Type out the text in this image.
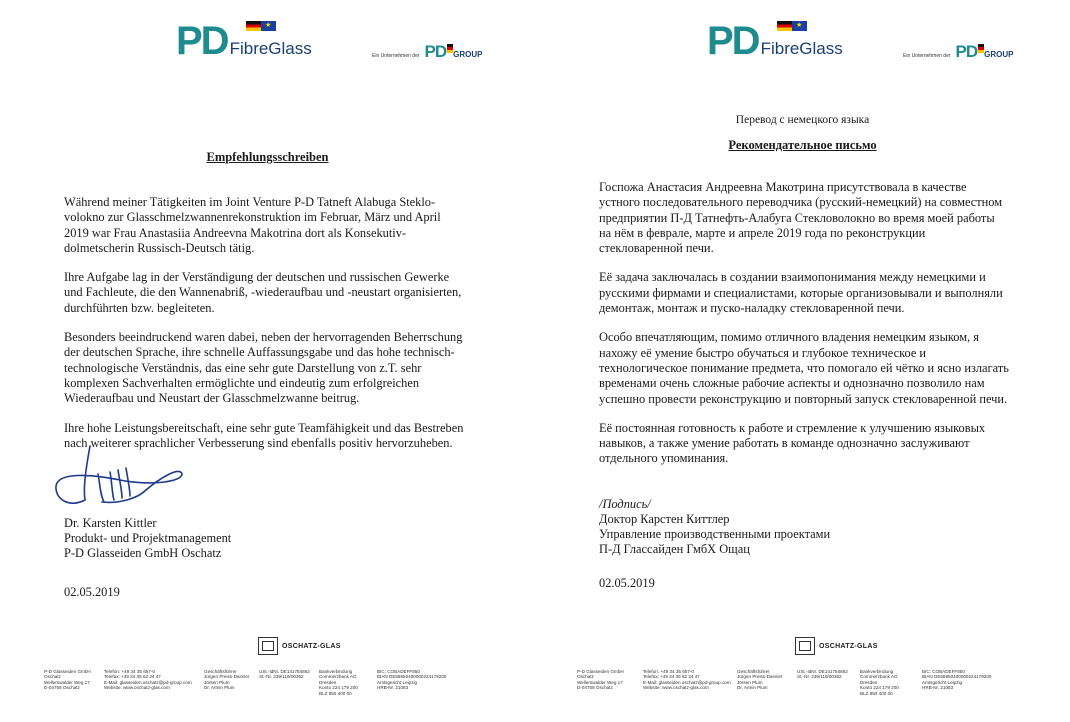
PD FibreGlass
★	Ein Unternehmen der PD GROUP
Empfehlungsschreiben

Während meiner Tätigkeiten im Joint Venture P-D Tatneft Alabuga Steklo-volokno zur Glasschmelzwannenrekonstruktion im Februar, März und April 2019 war Frau Anastasiia Andreevna Makotrina dort als Konsekutiv-dolmetscherin Russisch-Deutsch tätig.

Ihre Aufgabe lag in der Verständigung der deutschen und russischen Gewerke und Fachleute, die den Wannenabriß, -wiederaufbau und -neustart organisierten, durchführten bzw. begleiteten.

Besonders beeindruckend waren dabei, neben der hervorragenden Beherrschung der deutschen Sprache, ihre schnelle Auffassungsgabe und das hohe technisch-technologische Verständnis, das eine sehr gute Darstellung von z.T. sehr komplexen Sachverhalten ermöglichte und eindeutig zum erfolgreichen Wiederaufbau und Neustart der Glasschmelzwanne beitrug.

Ihre hohe Leistungsbereitschaft, eine sehr gute Teamfähigkeit und das Bestreben nach weiterer sprachlicher Verbesserung sind ebenfalls positiv hervorzuheben.

Dr. Karsten Kittler
Produkt- und Projektmanagement
P-D Glasseiden GmbH Oschatz
02.05.2019
OSCHATZ-GLAS
P-D Glasseiden GmbH
Oschatz
Wellerswalder Weg 17
D-04758 Oschatz
Telefon: +49 34 35 657-0
Telefax: +49 34 35 62 24 47
E-Mail: glasseiden.oschatz@pd-group.com
Website: www.oschatz-glas.com
Geschäftsführer
Jürgen Preiss-Daimler
Jörsen Plum
Dr. Armin Plum
USt.-IdNr. DE141784862
St.-Nr. 239/119/00352
Bankverbindung
Commerzbank AG
Dresden
Konto 224 179 200
BLZ 850 400 00
BIC: COBADEFF850
IBAN DE58850400000224179200
Amtsgericht Leipzig
HRB-Nr. 21083
PD FibreGlass
★	Ein Unternehmen der PD GROUP
Перевод с немецкого языка
Рекомендательное письмо

Госпожа Анастасия Андреевна Макотрина присутствовала в качестве устного последовательного переводчика (русский-немецкий) на совместном предприятии П-Д Татнефть-Алабуга Стекловолокно во время моей работы на нём в феврале, марте и апреле 2019 года по реконструкции стекловаренной печи.

Её задача заключалась в создании взаимопонимания между немецкими и русскими фирмами и специалистами, которые организовывали и выполняли демонтаж, монтаж и пуско-наладку стекловаренной печи.

Особо впечатляющим, помимо отличного владения немецким языком, я нахожу её умение быстро обучаться и глубокое техническое и технологическое понимание предмета, что помогало ей чётко и ясно излагать временами очень сложные рабочие аспекты и однозначно позволило нам успешно провести реконструкцию и повторный запуск стекловаренной печи.

Её постоянная готовность к работе и стремление к улучшению языковых навыков, а также умение работать в команде однозначно заслуживают отдельного упоминания.

/Подпись/
Доктор Карстен Киттлер
Управление производственными проектами
П-Д Глассайден ГмбХ Ощац
02.05.2019
OSCHATZ-GLAS
P-D Glasseiden GmbH
Oschatz
Wellerswalder Weg 17
D-04758 Oschatz
Telefon: +49 34 35 657-0
Telefax: +49 34 35 62 24 47
E-Mail: glasseiden.oschatz@pd-group.com
Website: www.oschatz-glas.com
Geschäftsführer
Jürgen Preiss-Daimler
Jörsen Plum
Dr. Armin Plum
USt.-IdNr. DE141784862
St.-Nr. 239/119/00352
Bankverbindung
Commerzbank AG
Dresden
Konto 224 179 200
BLZ 850 400 00
BIC: COBADEFF850
IBAN DE58850400000224179200
Amtsgericht Leipzig
HRB-Nr. 21083
